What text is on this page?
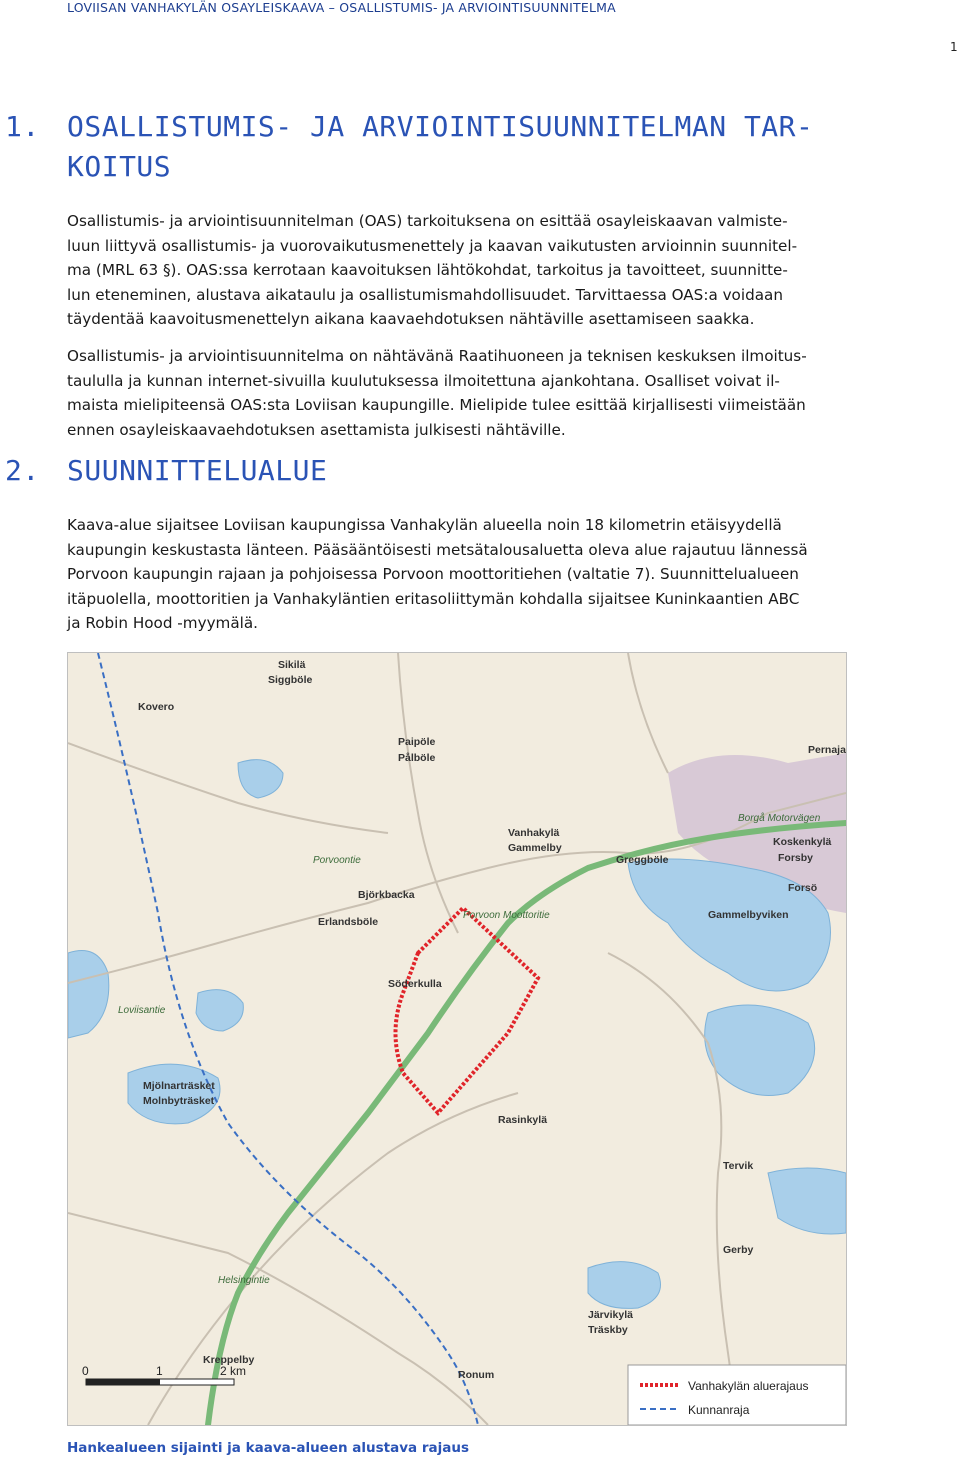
LOVIISAN VANHAKYLÄN OSAYLEISKAAVA – OSALLISTUMIS- JA ARVIOINTISUUNNITELMA
1
1. OSALLISTUMIS- JA ARVIOINTISUUNNITELMAN TAR-
KOITUS
Osallistumis- ja arviointisuunnitelman (OAS) tarkoituksena on esittää osayleiskaavan valmiste-
luun liittyvä osallistumis- ja vuorovaikutusmenettely ja kaavan vaikutusten arvioinnin suunnitel-
ma (MRL 63 §). OAS:ssa kerrotaan kaavoituksen lähtökohdat, tarkoitus ja tavoitteet, suunnitte-
lun eteneminen, alustava aikataulu ja osallistumismahdollisuudet. Tarvittaessa OAS:a voidaan
täydentää kaavoitusmenettelyn aikana kaavaehdotuksen nähtäville asettamiseen saakka.
Osallistumis- ja arviointisuunnitelma on nähtävänä Raatihuoneen ja teknisen keskuksen ilmoitus-
taululla ja kunnan internet-sivuilla kuulutuksessa ilmoitettuna ajankohtana. Osalliset voivat il-
maista mielipiteensä OAS:sta Loviisan kaupungille. Mielipide tulee esittää kirjallisesti viimeistään
ennen osayleiskaavaehdotuksen asettamista julkisesti nähtäville.
2. SUUNNITTELUALUE
Kaava-alue sijaitsee Loviisan kaupungissa Vanhakylän alueella noin 18 kilometrin etäisyydellä
kaupungin keskustasta länteen. Pääsääntöisesti metsätalousaluetta oleva alue rajautuu lännessä
Porvoon kaupungin rajaan ja pohjoisessa Porvoon moottoritiehen (valtatie 7). Suunnittelualueen
itäpuolella, moottoritien ja Vanhakyläntien eritasoliittymän kohdalla sijaitsee Kuninkaantien ABC
ja Robin Hood -myymälä.
Sikilä
Siggböle
Kovero
Koskenkylä
Forsby
Pernaja
Paipöle
Pålböle
Vanhakylä
Gammelby
Greggböle
Erlandsböle
Björkbacka
Gammelbyviken
Forsö
Söderkulla
Tervik
Mjölnarträsket
Molnbyträsket
Kreppelby
Järvikylä
Träskby
Ronum
Gerby
Rasinkylä
Borgå Motorvägen
Porvoon Moottoritie
Porvoontie
Loviisantie
Helsingintie
0	1	2 km
Vanhakylän aluerajaus
Kunnanraja
Hankealueen sijainti ja kaava-alueen alustava rajaus
